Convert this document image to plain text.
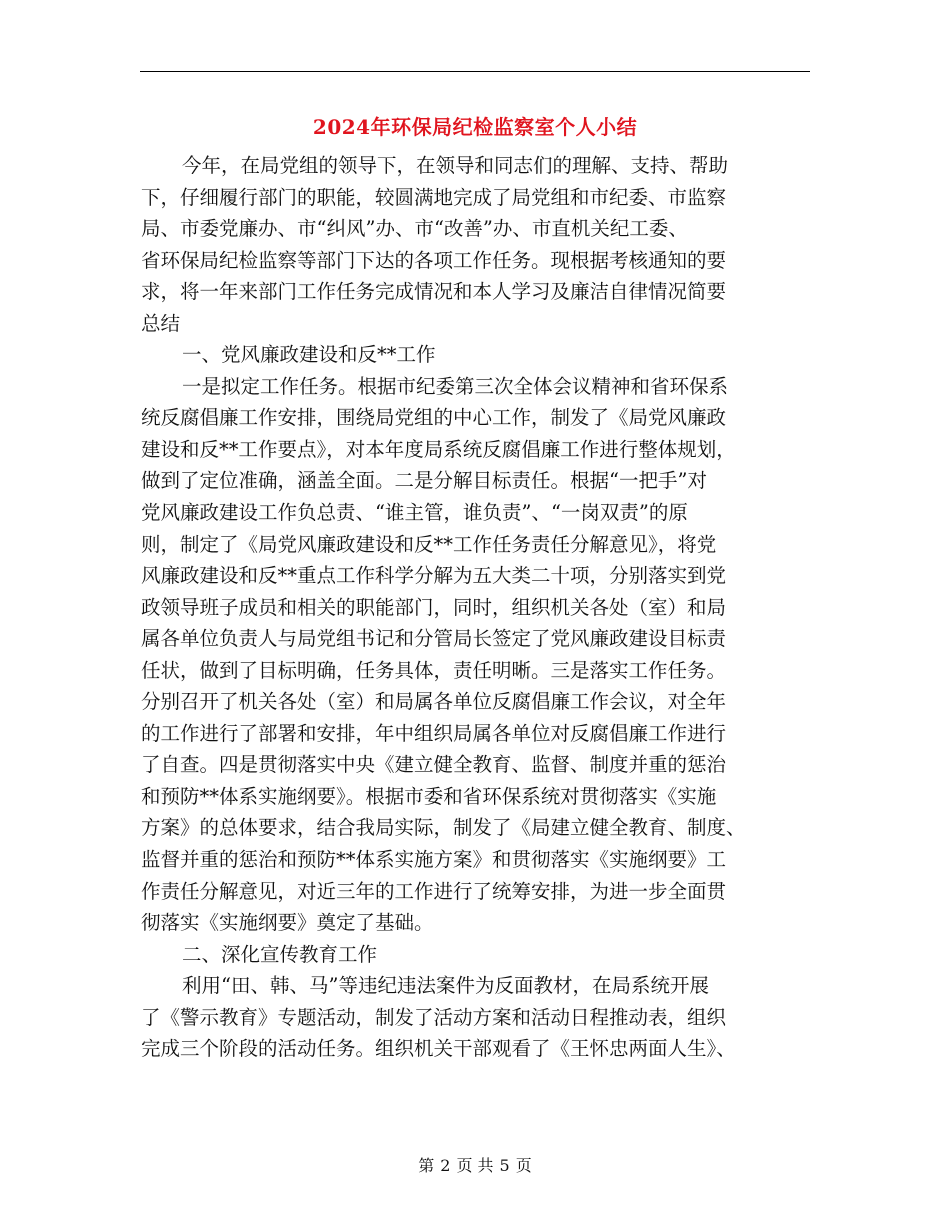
2024年环保局纪检监察室个人小结
今年，在局党组的领导下，在领导和同志们的理解、支持、帮助
下，仔细履行部门的职能，较圆满地完成了局党组和市纪委、市监察
局、市委党廉办、市“纠风”办、市“改善”办、市直机关纪工委、
省环保局纪检监察等部门下达的各项工作任务。现根据考核通知的要
求，将一年来部门工作任务完成情况和本人学习及廉洁自律情况简要
总结
一、党风廉政建设和反**工作
一是拟定工作任务。根据市纪委第三次全体会议精神和省环保系
统反腐倡廉工作安排，围绕局党组的中心工作，制发了《局党风廉政
建设和反**工作要点》，对本年度局系统反腐倡廉工作进行整体规划，
做到了定位准确，涵盖全面。二是分解目标责任。根据“一把手”对
党风廉政建设工作负总责、“谁主管，谁负责”、“一岗双责”的原
则，制定了《局党风廉政建设和反**工作任务责任分解意见》，将党
风廉政建设和反**重点工作科学分解为五大类二十项，分别落实到党
政领导班子成员和相关的职能部门，同时，组织机关各处（室）和局
属各单位负责人与局党组书记和分管局长签定了党风廉政建设目标责
任状，做到了目标明确，任务具体，责任明晰。三是落实工作任务。
分别召开了机关各处（室）和局属各单位反腐倡廉工作会议，对全年
的工作进行了部署和安排，年中组织局属各单位对反腐倡廉工作进行
了自查。四是贯彻落实中央《建立健全教育、监督、制度并重的惩治
和预防**体系实施纲要》。根据市委和省环保系统对贯彻落实《实施
方案》的总体要求，结合我局实际，制发了《局建立健全教育、制度、
监督并重的惩治和预防**体系实施方案》和贯彻落实《实施纲要》工
作责任分解意见，对近三年的工作进行了统筹安排，为进一步全面贯
彻落实《实施纲要》奠定了基础。
二、深化宣传教育工作
利用“田、韩、马”等违纪违法案件为反面教材，在局系统开展
了《警示教育》专题活动，制发了活动方案和活动日程推动表，组织
完成三个阶段的活动任务。组织机关干部观看了《王怀忠两面人生》、
第 2 页 共 5 页
